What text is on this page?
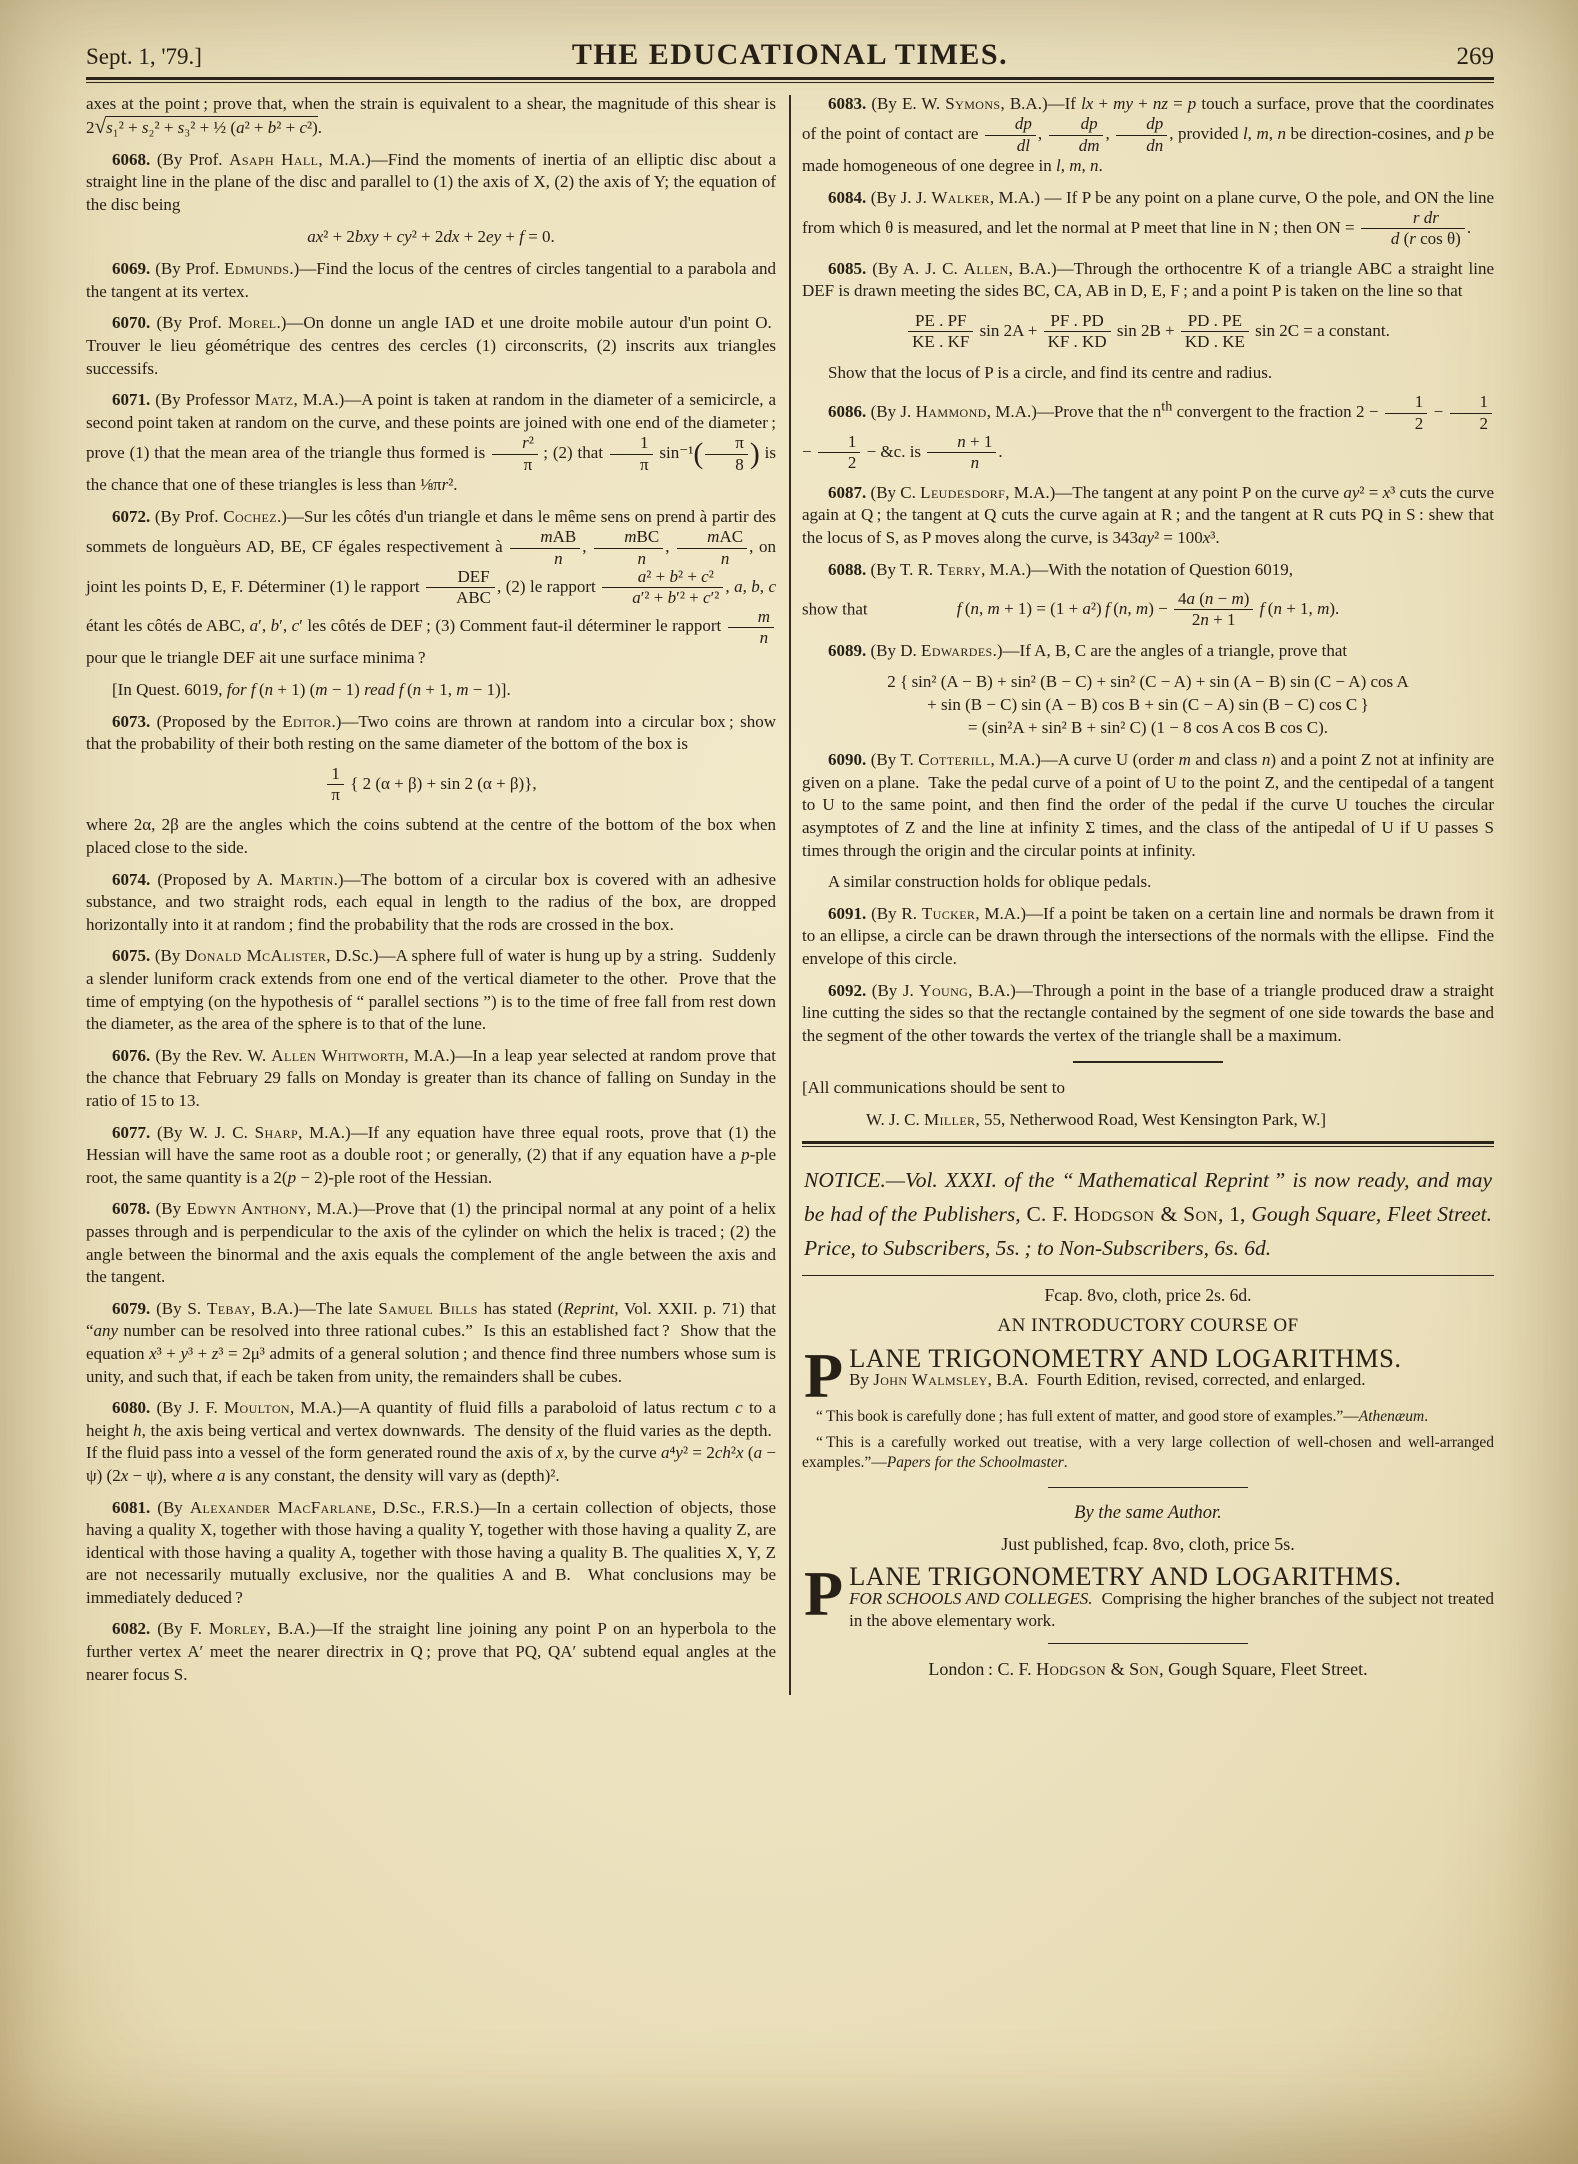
Sept. 1, '79.]	THE EDUCATIONAL TIMES.	269

axes at the point ; prove that, when the strain is equivalent to a shear, the magnitude of this shear is 2√s₁² + s₂² + s₃² + ½ (a² + b² + c²).

6068. (By Prof. Asaph Hall, M.A.)—Find the moments of inertia of an elliptic disc about a straight line in the plane of the disc and parallel to (1) the axis of X, (2) the axis of Y; the equation of the disc being

ax² + 2bxy + cy² + 2dx + 2ey + f = 0.

6069. (By Prof. Edmunds.)—Find the locus of the centres of circles tangential to a parabola and the tangent at its vertex.

6070. (By Prof. Morel.)—On donne un angle IAD et une droite mobile autour d'un point O.  Trouver le lieu géométrique des centres des cercles (1) circonscrits, (2) inscrits aux triangles successifs.

6071. (By Professor Matz, M.A.)—A point is taken at random in the diameter of a semicircle, a second point taken at random on the curve, and these points are joined with one end of the diameter ; prove (1) that the mean area of the triangle thus formed is $\frac{\text{r²}}{\pi}$  ; (2) that $\frac{1}{\pi} \sin^{-1}( \frac{\pi}{8}$ ) is the chance that one of these triangles is less than ⅛πr².

6072. (By Prof. Cochez.)—Sur les côtés d'un triangle et dans le même sens on prend à partir des sommets de longuèurs AD, BE, CF égales respectivement à
mAB
n
,
mBC
n
,
mAC
n
, on joint les points D, E, F. Déterminer (1) le rapport
DEF
ABC
, (2) le rapport $\frac{\text{a² + b² + c²}}{\text{a′² + b′² + c′²}}$ , a, b, c étant les côtés de ABC, a′, b′, c′ les côtés de DEF ; (3) Comment faut-il déterminer le rapport $\frac{m}{n}$
pour que le triangle DEF ait une surface minima ?

[In Quest. 6019, for f (n + 1) (m − 1) read f (n + 1, m − 1)].

6073. (Proposed by the Editor.)—Two coins are thrown at random into a circular box ; show that the probability of their both resting on the same diameter of the bottom of the box is

$\frac{1}{\pi}$ { 2 (α + β) + sin 2 (α + β)},

where 2α, 2β are the angles which the coins subtend at the centre of the bottom of the box when placed close to the side.

6074. (Proposed by A. Martin.)—The bottom of a circular box is covered with an adhesive substance, and two straight rods, each equal in length to the radius of the box, are dropped horizontally into it at random ; find the probability that the rods are crossed in the box.

6075. (By Donald McAlister, D.Sc.)—A sphere full of water is hung up by a string.  Suddenly a slender luniform crack extends from one end of the vertical diameter to the other.  Prove that the time of emptying (on the hypothesis of “ parallel sections ”) is to the time of free fall from rest down the diameter, as the area of the sphere is to that of the lune.

6076. (By the Rev. W. Allen Whitworth, M.A.)—In a leap year selected at random prove that the chance that February 29 falls on Monday is greater than its chance of falling on Sunday in the ratio of 15 to 13.

6077. (By W. J. C. Sharp, M.A.)—If any equation have three equal roots, prove that (1) the Hessian will have the same root as a double root ; or generally, (2) that if any equation have a p-ple root, the same quantity is a 2(p − 2)-ple root of the Hessian.

6078. (By Edwyn Anthony, M.A.)—Prove that (1) the principal normal at any point of a helix passes through and is perpendicular to the axis of the cylinder on which the helix is traced ; (2) the angle between the binormal and the axis equals the complement of the angle between the axis and the tangent.

6079. (By S. Tebay, B.A.)—The late Samuel Bills has stated (Reprint, Vol. XXII. p. 71) that “any number can be resolved into three rational cubes.”  Is this an established fact ?  Show that the equation x³ + y³ + z³ = 2μ³ admits of a general solution ; and thence find three numbers whose sum is unity, and such that, if each be taken from unity, the remainders shall be cubes.

6080. (By J. F. Moulton, M.A.)—A quantity of fluid fills a paraboloid of latus rectum c to a height h, the axis being vertical and vertex downwards.  The density of the fluid varies as the depth.  If the fluid pass into a vessel of the form generated round the axis of x, by the curve a⁴y² = 2ch²x (a − ψ) (2x − ψ), where a is any constant, the density will vary as (depth)².

6081. (By Alexander MacFarlane, D.Sc., F.R.S.)—In a certain collection of objects, those having a quality X, together with those having a quality Y, together with those having a quality Z, are identical with those having a quality A, together with those having a quality B. The qualities X, Y, Z are not necessarily mutually exclusive, nor the qualities A and B.  What conclusions may be immediately deduced ?

6082. (By F. Morley, B.A.)—If the straight line joining any point P on an hyperbola to the further vertex A′ meet the nearer directrix in Q ; prove that PQ, QA′ subtend equal angles at the nearer focus S.

6083. (By E. W. Symons, B.A.)—If lx + my + nz = p touch a surface, prove that the coordinates of the point of contact are $\frac{dp}{dl}$ , $\frac{dp}{dm}$ , $\frac{dp}{dn}$ , provided l, m, n be direction-cosines, and p be made homogeneous of one degree in l, m, n.

6084. (By J. J. Walker, M.A.) — If P be any point on a plane curve, O the pole, and ON the line from which θ is measured, and let the normal at P meet that line in N ; then ON = $\frac{\text{r dr}}{\text{d (r cos θ)}}$ .

6085. (By A. J. C. Allen, B.A.)—Through the orthocentre K of a triangle ABC a straight line DEF is drawn meeting the sides BC, CA, AB in D, E, F ; and a point P is taken on the line so that

$\frac{PE . PF}{KE . KF}$ $\sin 2A + \frac{PF . PD}{KF . KD}$ $\sin 2B + \frac{PD . PE}{KD . KE}$ sin 2C = a constant.

Show that the locus of P is a circle, and find its centre and radius.

6086. (By J. Hammond, M.A.)—Prove that the $n^{th}$ convergent to the fraction $2 - \frac{1}{2} - \frac{1}{2}$
− $\frac{1}{2}$ − &c. is $\frac{n + 1}{n}$ .

6087. (By C. Leudesdorf, M.A.)—The tangent at any point P on the curve ay² = x³ cuts the curve again at Q ; the tangent at Q cuts the curve again at R ; and the tangent at R cuts PQ in S : shew that the locus of S, as P moves along the curve, is 343ay² = 100x³.

6088. (By T. R. Terry, M.A.)—With the notation of Question 6019,

show that	f (n, m + 1) = (1 + a²) f (n, $m) - \frac{4a (n - m)}{2n + 1}$ f (n + 1, m).

6089. (By D. Edwardes.)—If A, B, C are the angles of a triangle, prove that

2 { sin² (A − B) + sin² (B − C) + sin² (C − A) + sin (A − B) sin (C − A) cos A
+ sin (B − C) sin (A − B) cos B + sin (C − A) sin (B − C) cos C }
= (sin²A + sin² B + sin² C) (1 − 8 cos A cos B cos C).

6090. (By T. Cotterill, M.A.)—A curve U (order m and class n) and a point Z not at infinity are given on a plane.  Take the pedal curve of a point of U to the point Z, and the centipedal of a tangent to U to the same point, and then find the order of the pedal if the curve U touches the circular asymptotes of Z and the line at infinity Σ times, and the class of the antipedal of U if U passes S times through the origin and the circular points at infinity.

A similar construction holds for oblique pedals.

6091. (By R. Tucker, M.A.)—If a point be taken on a certain line and normals be drawn from it to an ellipse, a circle can be drawn through the intersections of the normals with the ellipse.  Find the envelope of this circle.

6092. (By J. Young, B.A.)—Through a point in the base of a triangle produced draw a straight line cutting the sides so that the rectangle contained by the segment of one side towards the base and the segment of the other towards the vertex of the triangle shall be a maximum.

[All communications should be sent to

W. J. C. Miller, 55, Netherwood Road, West Kensington Park, W.]

NOTICE.—Vol. XXXI. of the “ Mathematical Reprint ” is now ready, and may be had of the Publishers, C. F. Hodgson & Son, 1, Gough Square, Fleet Street. Price, to Subscribers, 5s. ; to Non-Subscribers, 6s. 6d.

Fcap. 8vo, cloth, price 2s. 6d.

AN INTRODUCTORY COURSE OF

P LANE TRIGONOMETRY AND LOGARITHMS.
By John Walmsley, B.A.  Fourth Edition, revised, corrected, and enlarged.

“ This book is carefully done ; has full extent of matter, and good store of examples.”—Athenæum.

“ This is a carefully worked out treatise, with a very large collection of well-chosen and well-arranged examples.”—Papers for the Schoolmaster.

By the same Author.

Just published, fcap. 8vo, cloth, price 5s.

P LANE TRIGONOMETRY AND LOGARITHMS.
FOR SCHOOLS AND COLLEGES.  Comprising the higher branches of the subject not treated in the above elementary work.

London : C. F. Hodgson & Son, Gough Square, Fleet Street.
